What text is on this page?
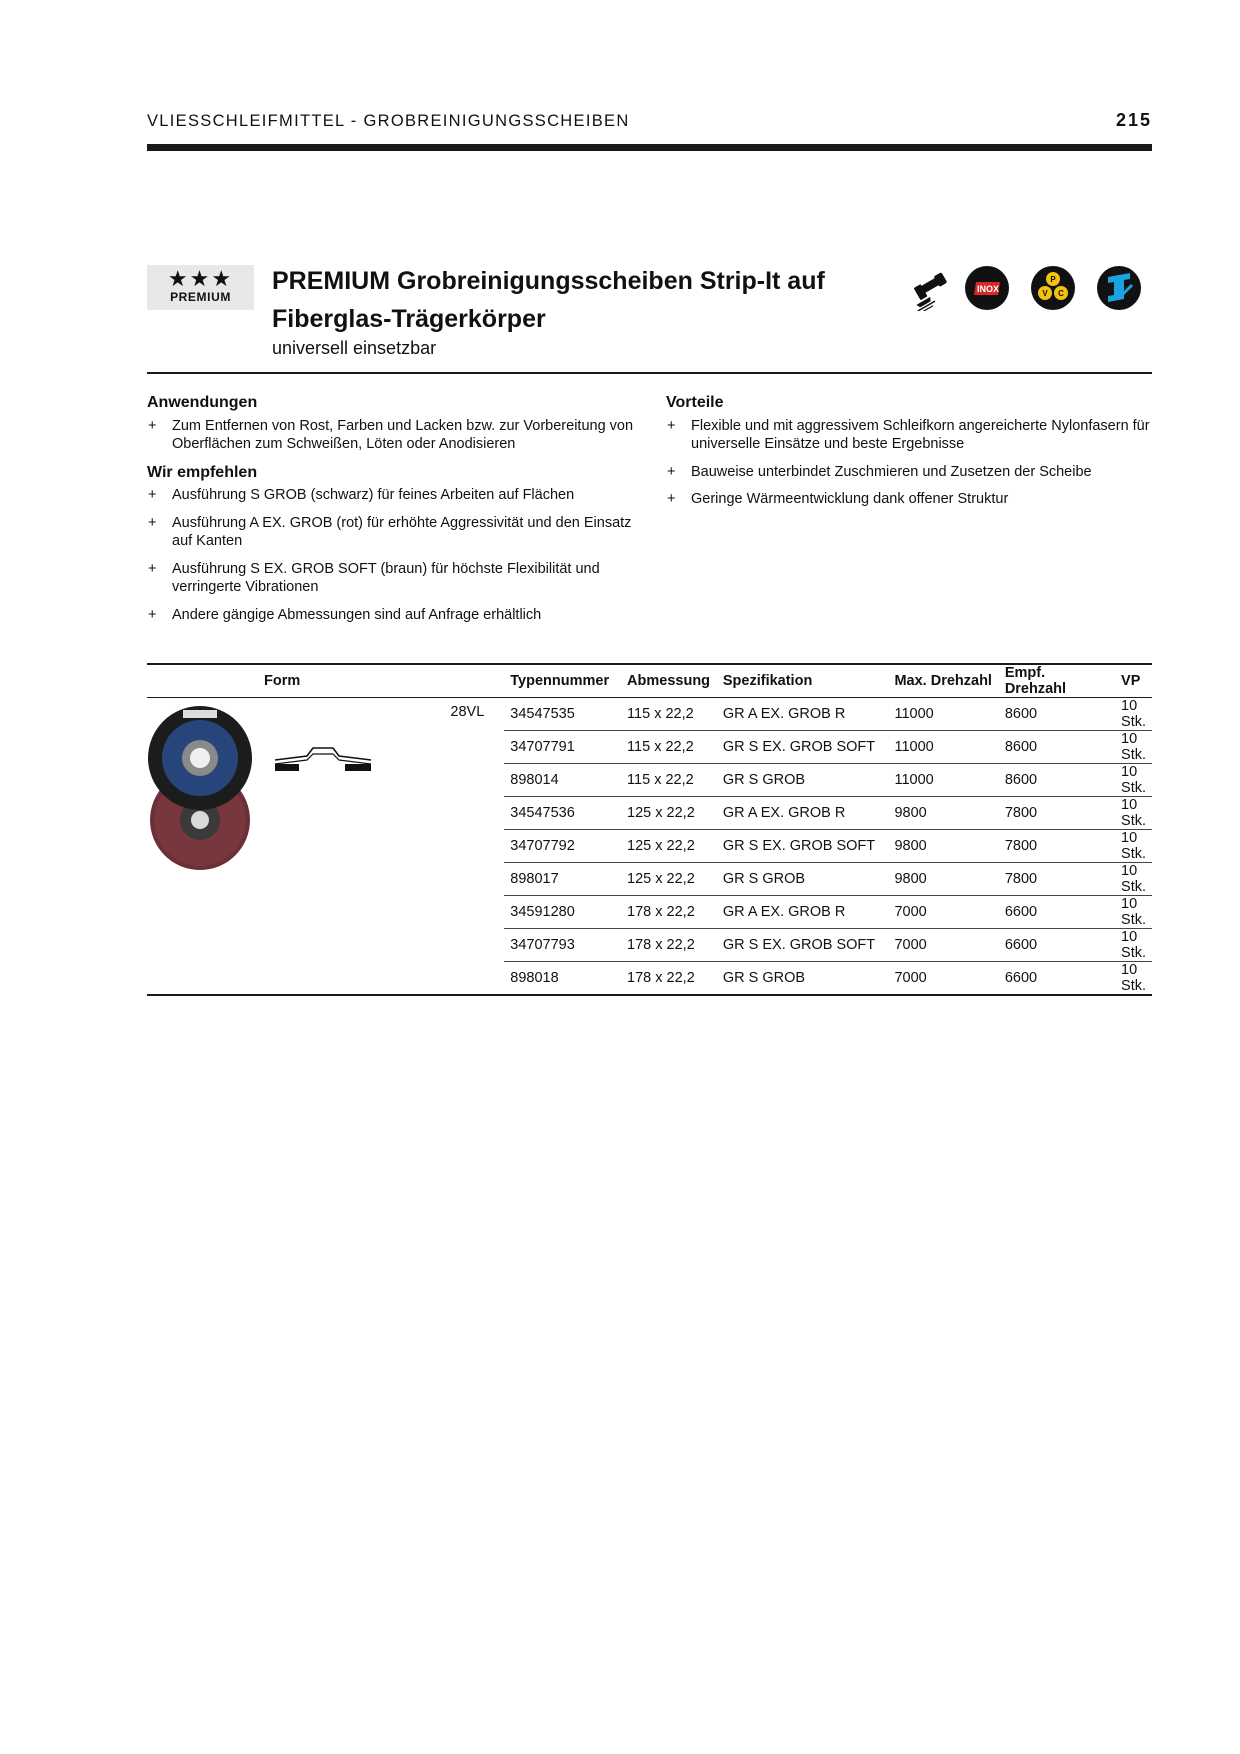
VLIESSCHLEIFMITTEL - GROBREINIGUNGSSCHEIBEN	215
★★★
PREMIUM
PREMIUM Grobreinigungsscheiben Strip-It auf Fiberglas-Trägerkörper
universell einsetzbar
INOX
P
V C
Anwendungen
+ Zum Entfernen von Rost, Farben und Lacken bzw. zur Vorbereitung von Oberflächen zum Schweißen, Löten oder Anodisieren
Wir empfehlen
+ Ausführung S GROB (schwarz) für feines Arbeiten auf Flächen
+ Ausführung A EX. GROB (rot) für erhöhte Aggressivität und den Einsatz auf Kanten
+ Ausführung S EX. GROB SOFT (braun) für höchste Flexibilität und verringerte Vibrationen
+ Andere gängige Abmessungen sind auf Anfrage erhältlich
Vorteile
+ Flexible und mit aggressivem Schleifkorn angereicherte Nylonfasern für universelle Einsätze und beste Ergebnisse
+ Bauweise unterbindet Zuschmieren und Zusetzen der Scheibe
+ Geringe Wärmeentwicklung dank offener Struktur
Form		Typennummer	Abmessung	Spezifikation	Max. Drehzahl	Empf. Drehzahl	VP

	28VL	34547535	115 x 22,2	GR A EX. GROB R	11000	8600	10 Stk.
		34707791	115 x 22,2	GR S EX. GROB SOFT	11000	8600	10 Stk.
		898014	115 x 22,2	GR S GROB	11000	8600	10 Stk.
		34547536	125 x 22,2	GR A EX. GROB R	9800	7800	10 Stk.
		34707792	125 x 22,2	GR S EX. GROB SOFT	9800	7800	10 Stk.
		898017	125 x 22,2	GR S GROB	9800	7800	10 Stk.
		34591280	178 x 22,2	GR A EX. GROB R	7000	6600	10 Stk.
		34707793	178 x 22,2	GR S EX. GROB SOFT	7000	6600	10 Stk.
		898018	178 x 22,2	GR S GROB	7000	6600	10 Stk.
